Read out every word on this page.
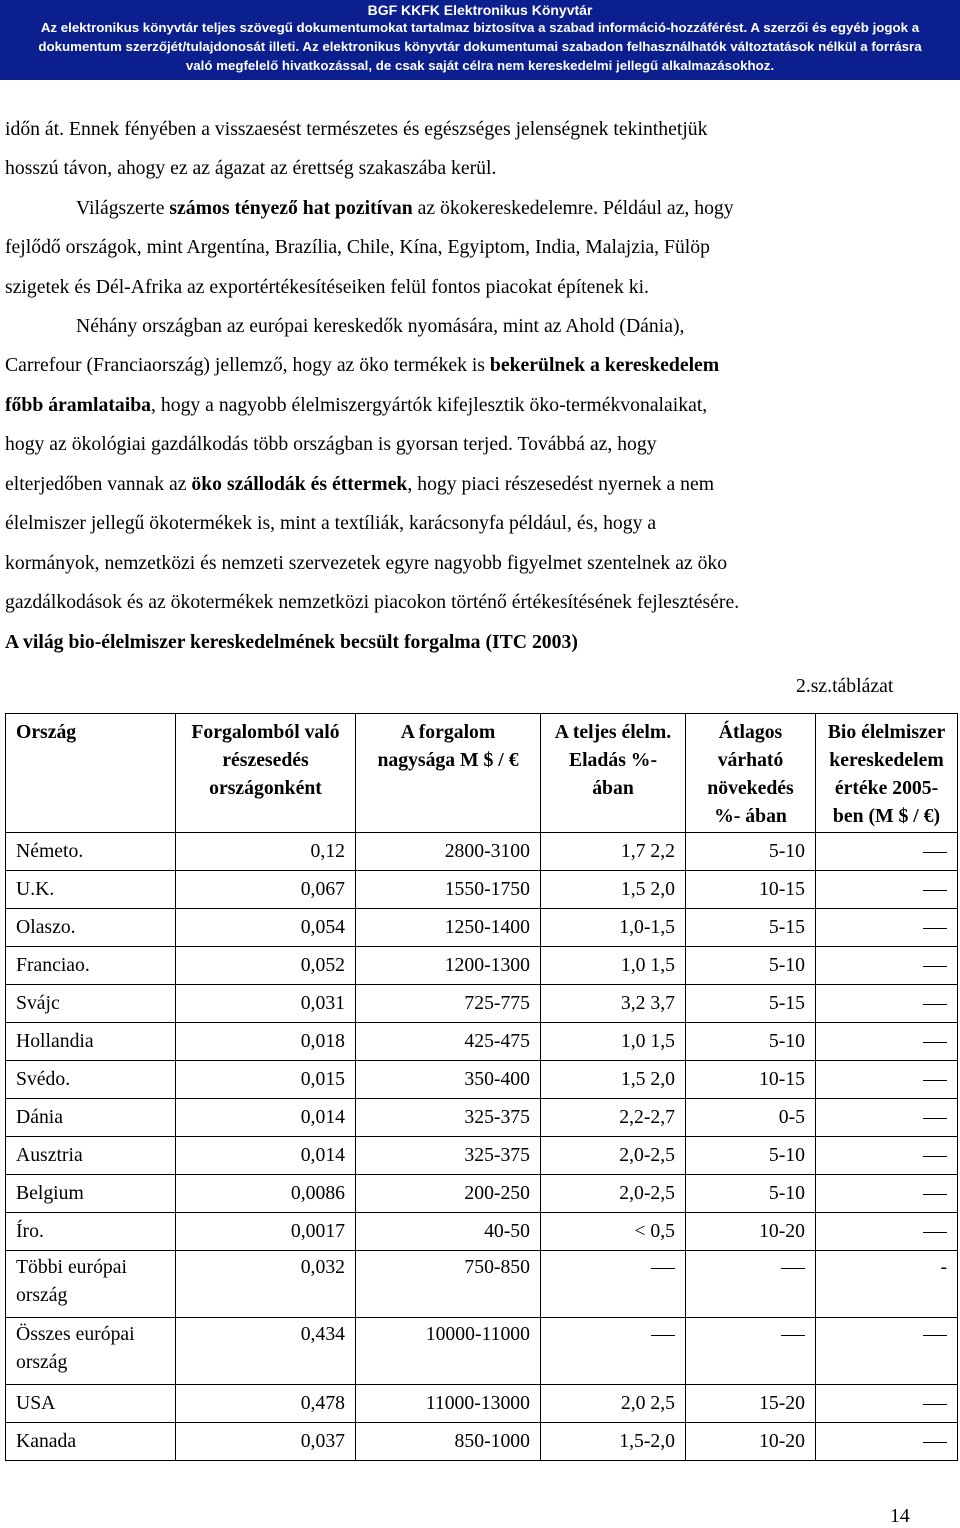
BGF KKFK Elektronikus Könyvtár
Az elektronikus könyvtár teljes szövegű dokumentumokat tartalmaz biztosítva a szabad információ-hozzáférést. A szerzői és egyéb jogok a
dokumentum szerzőjét/tulajdonosát illeti. Az elektronikus könyvtár dokumentumai szabadon felhasználhatók változtatások nélkül a forrásra
való megfelelő hivatkozással, de csak saját célra nem kereskedelmi jellegű alkalmazásokhoz.
időn át. Ennek fényében a visszaesést természetes és egészséges jelenségnek tekinthetjük
hosszú távon, ahogy ez az ágazat az érettség szakaszába kerül.
Világszerte számos tényező hat pozitívan az ökokereskedelemre. Például az, hogy
fejlődő országok, mint Argentína, Brazília, Chile, Kína, Egyiptom, India, Malajzia, Fülöp
szigetek és Dél-Afrika az exportértékesítéseiken felül fontos piacokat építenek ki.
Néhány országban az európai kereskedők nyomására, mint az Ahold (Dánia),
Carrefour (Franciaország) jellemző, hogy az öko termékek is bekerülnek a kereskedelem
főbb áramlataiba, hogy a nagyobb élelmiszergyártók kifejlesztik öko-termékvonalaikat,
hogy az ökológiai gazdálkodás több országban is gyorsan terjed. Továbbá az, hogy
elterjedőben vannak az öko szállodák és éttermek, hogy piaci részesedést nyernek a nem
élelmiszer jellegű ökotermékek is, mint a textíliák, karácsonyfa például, és, hogy a
kormányok, nemzetközi és nemzeti szervezetek egyre nagyobb figyelmet szentelnek az öko
gazdálkodások és az ökotermékek nemzetközi piacokon történő értékesítésének fejlesztésére.
A világ bio-élelmiszer kereskedelmének becsült forgalma (ITC 2003)
2.sz.táblázat
Ország	Forgalomból való részesedés országonként	A forgalom nagysága M $ / €	A teljes élelm. Eladás %-ában	Átlagos várható növekedés %- ában	Bio élelmiszer kereskedelem értéke 2005-ben (M $ / €)
Németo.	0,12	2800-3100	1,7 2,2	5-10	
U.K.	0,067	1550-1750	1,5 2,0	10-15	
Olaszo.	0,054	1250-1400	1,0-1,5	5-15	
Franciao.	0,052	1200-1300	1,0 1,5	5-10	
Svájc	0,031	725-775	3,2 3,7	5-15	
Hollandia	0,018	425-475	1,0 1,5	5-10	
Svédo.	0,015	350-400	1,5 2,0	10-15	
Dánia	0,014	325-375	2,2-2,7	0-5	
Ausztria	0,014	325-375	2,0-2,5	5-10	
Belgium	0,0086	200-250	2,0-2,5	5-10	
Íro.	0,0017	40-50	< 0,5	10-20	
Többi európai ország	0,032	750-850			-
Összes európai ország	0,434	10000-11000			
USA	0,478	11000-13000	2,0 2,5	15-20	
Kanada	0,037	850-1000	1,5-2,0	10-20	
14
